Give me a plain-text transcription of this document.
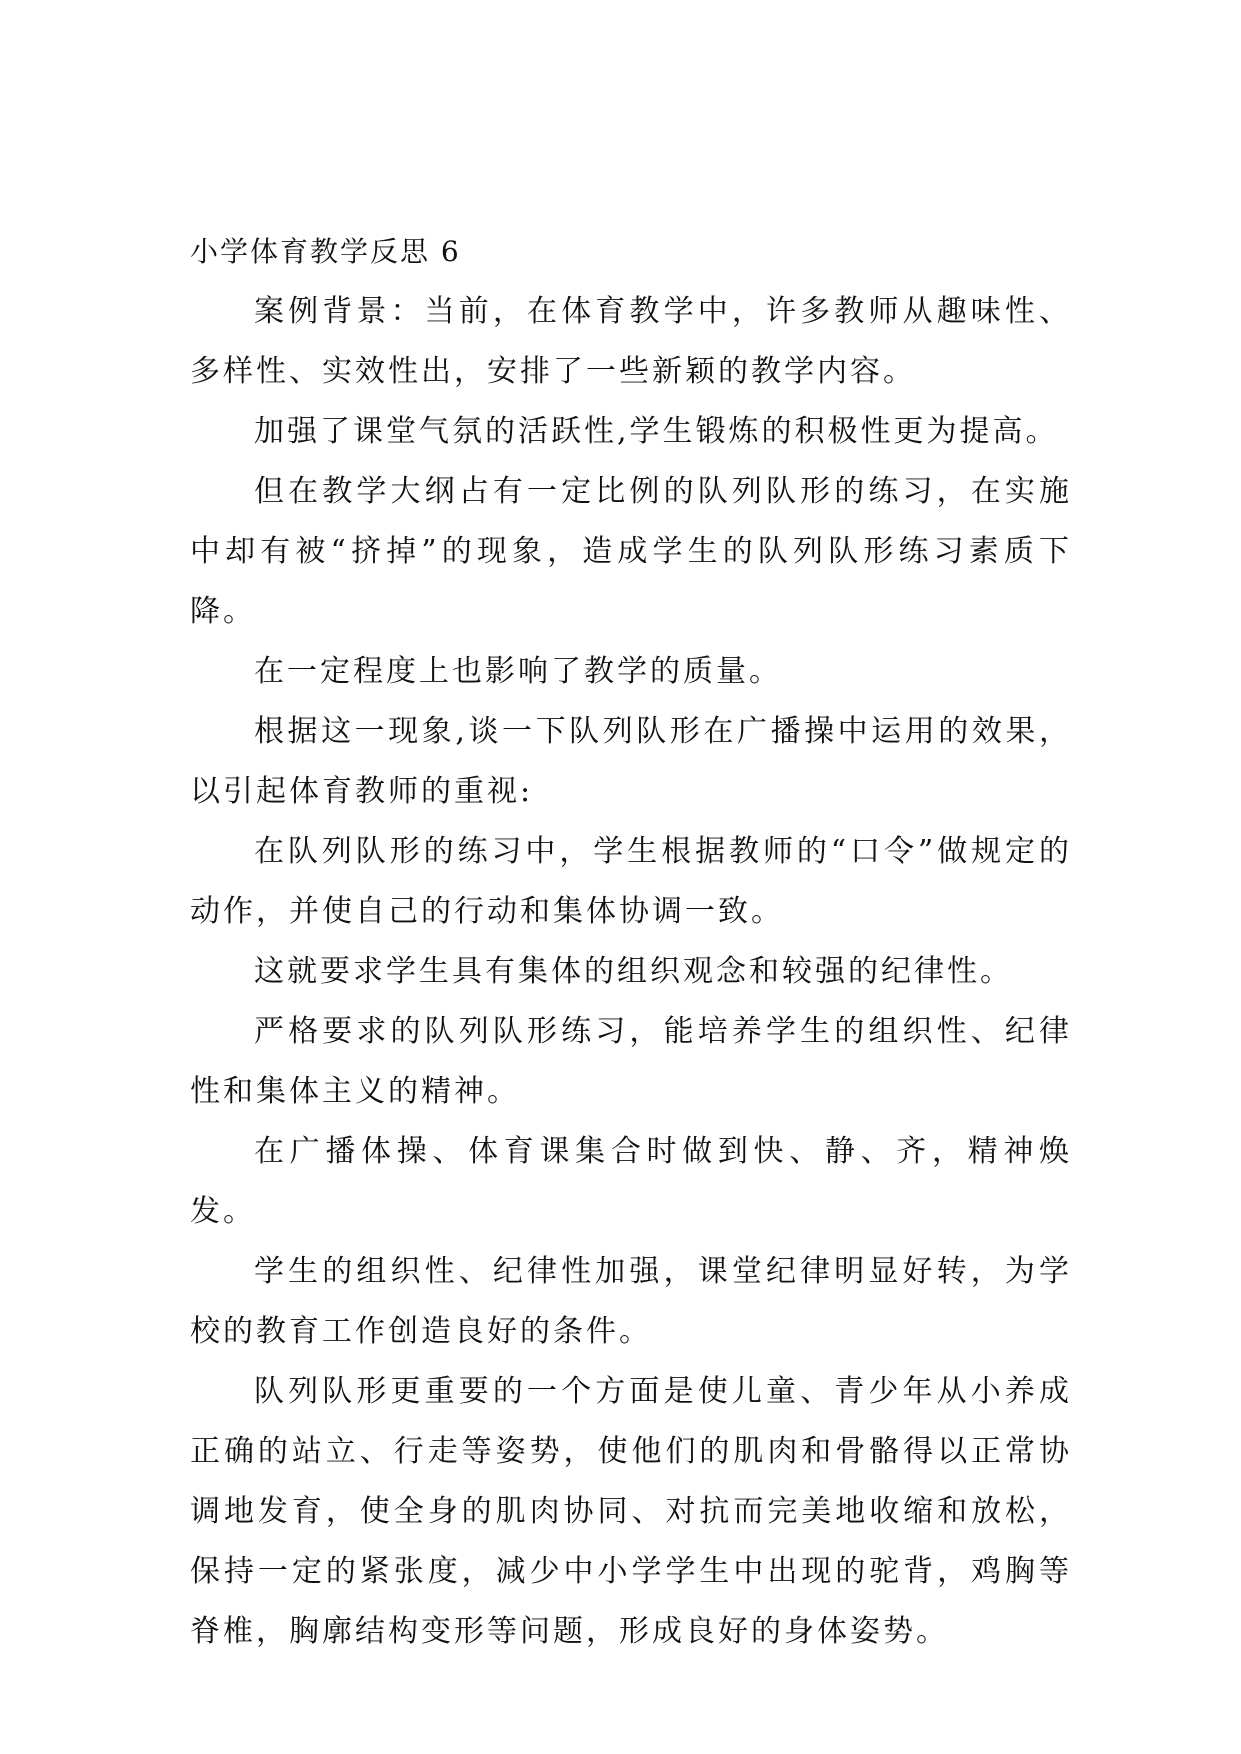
小学体育教学反思 6

案例背景：当前，在体育教学中，许多教师从趣味性、多样性、实效性出，安排了一些新颖的教学内容。

加强了课堂气氛的活跃性,学生锻炼的积极性更为提高。

但在教学大纲占有一定比例的队列队形的练习，在实施中却有被“挤掉”的现象，造成学生的队列队形练习素质下降。

在一定程度上也影响了教学的质量。

根据这一现象,谈一下队列队形在广播操中运用的效果，以引起体育教师的重视:

在队列队形的练习中，学生根据教师的“口令”做规定的动作，并使自己的行动和集体协调一致。

这就要求学生具有集体的组织观念和较强的纪律性。

严格要求的队列队形练习，能培养学生的组织性、纪律性和集体主义的精神。

在广播体操、体育课集合时做到快、静、齐，精神焕发。

学生的组织性、纪律性加强，课堂纪律明显好转，为学校的教育工作创造良好的条件。

队列队形更重要的一个方面是使儿童、青少年从小养成正确的站立、行走等姿势，使他们的肌肉和骨骼得以正常协调地发育，使全身的肌肉协同、对抗而完美地收缩和放松，保持一定的紧张度，减少中小学学生中出现的驼背，鸡胸等脊椎，胸廓结构变形等问题，形成良好的身体姿势。
